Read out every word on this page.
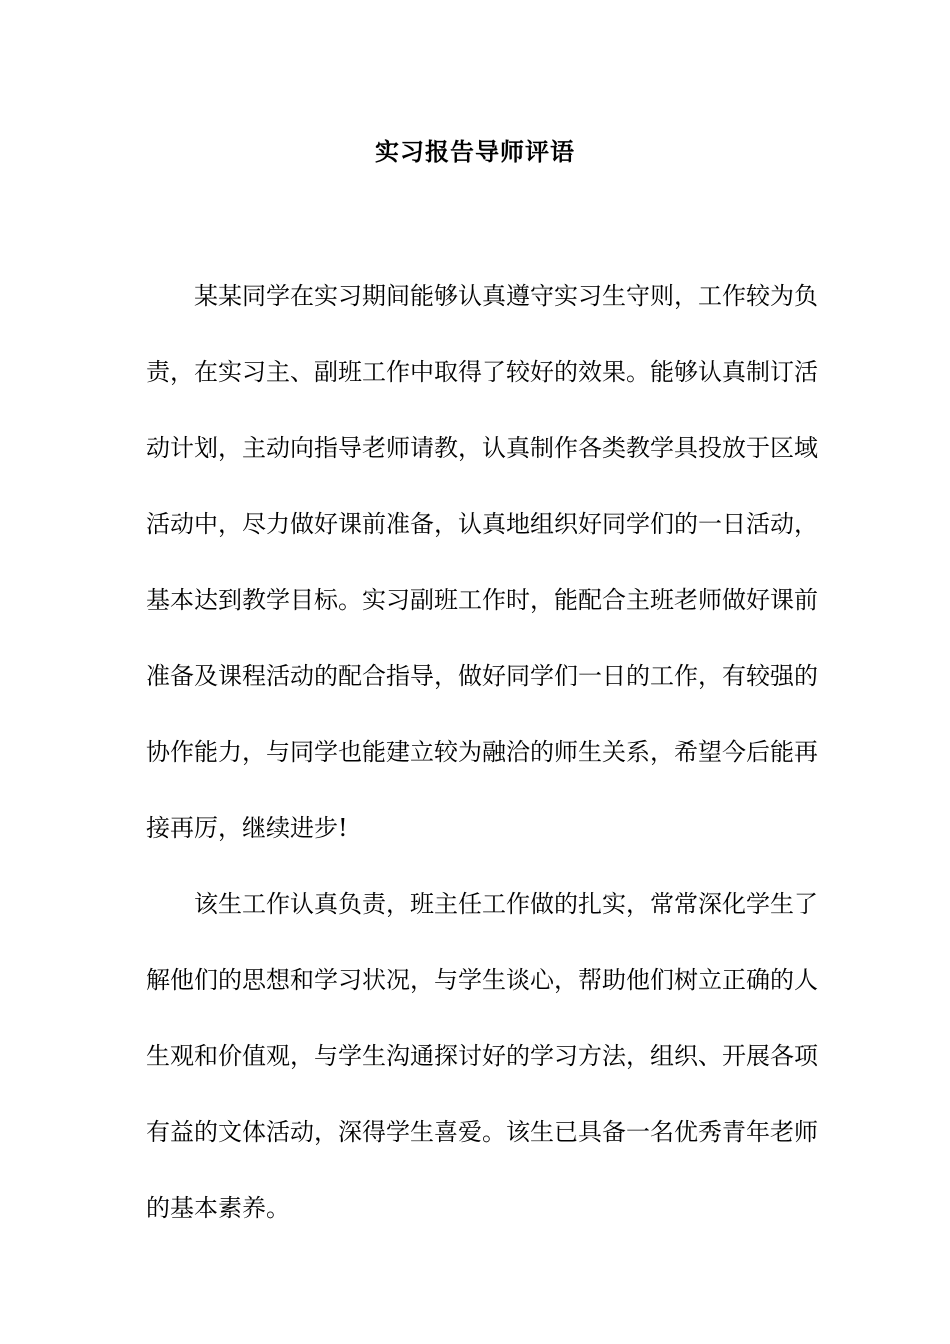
实习报告导师评语

某某同学在实习期间能够认真遵守实习生守则，工作较为负责，在实习主、副班工作中取得了较好的效果。能够认真制订活动计划，主动向指导老师请教，认真制作各类教学具投放于区域活动中，尽力做好课前准备，认真地组织好同学们的一日活动，基本达到教学目标。实习副班工作时，能配合主班老师做好课前准备及课程活动的配合指导，做好同学们一日的工作，有较强的协作能力，与同学也能建立较为融洽的师生关系，希望今后能再接再厉，继续进步!

该生工作认真负责，班主任工作做的扎实，常常深化学生了解他们的思想和学习状况，与学生谈心，帮助他们树立正确的人生观和价值观，与学生沟通探讨好的学习方法，组织、开展各项有益的文体活动，深得学生喜爱。该生已具备一名优秀青年老师的基本素养。
